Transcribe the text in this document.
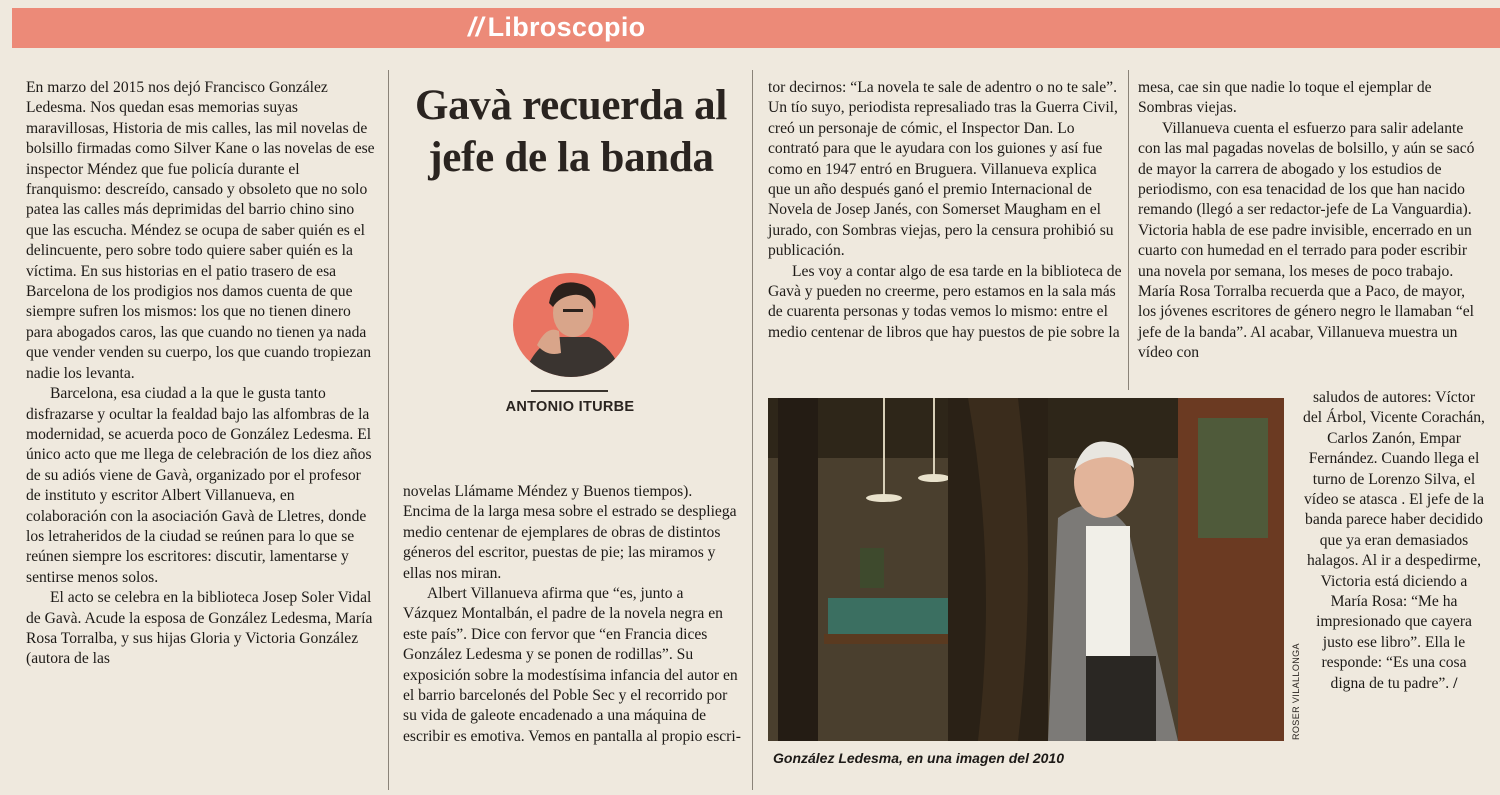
// Libroscopio

En marzo del 2015 nos dejó Francisco González Ledesma. Nos quedan esas memorias suyas maravillosas, Historia de mis calles, las mil novelas de bolsillo firmadas como Silver Kane o las novelas de ese inspector Méndez que fue policía durante el franquismo: descreído, cansado y obsoleto que no solo patea las calles más deprimidas del barrio chino sino que las escucha. Méndez se ocupa de saber quién es el delincuente, pero sobre todo quiere saber quién es la víctima. En sus historias en el patio trasero de esa Barcelona de los prodigios nos damos cuenta de que siempre sufren los mismos: los que no tienen dinero para abogados caros, las que cuando no tienen ya nada que vender venden su cuerpo, los que cuando tropiezan nadie los levanta.

Barcelona, esa ciudad a la que le gusta tanto disfrazarse y ocultar la fealdad bajo las alfombras de la modernidad, se acuerda poco de González Ledesma. El único acto que me llega de celebración de los diez años de su adiós viene de Gavà, organizado por el profesor de instituto y escritor Albert Villanueva, en colaboración con la asociación Gavà de Lletres, donde los letraheridos de la ciudad se reúnen para lo que se reúnen siempre los escritores: discutir, lamentarse y sentirse menos solos.

El acto se celebra en la biblioteca Josep Soler Vidal de Gavà. Acude la esposa de González Ledesma, María Rosa Torralba, y sus hijas Gloria y Victoria González (autora de las

Gavà recuerda al jefe de la banda
ANTONIO ITURBE

novelas Llámame Méndez y Buenos tiempos). Encima de la larga mesa sobre el estrado se despliega medio centenar de ejemplares de obras de distintos géneros del escritor, puestas de pie; las miramos y ellas nos miran.

Albert Villanueva afirma que “es, junto a Vázquez Montalbán, el padre de la novela negra en este país”. Dice con fervor que “en Francia dices González Ledesma y se ponen de rodillas”. Su exposición sobre la modestísima infancia del autor en el barrio barcelonés del Poble Sec y el recorrido por su vida de galeote encadenado a una máquina de escribir es emotiva. Vemos en pantalla al propio escri-

tor decirnos: “La novela te sale de adentro o no te sale”. Un tío suyo, periodista represaliado tras la Guerra Civil, creó un personaje de cómic, el Inspector Dan. Lo contrató para que le ayudara con los guiones y así fue como en 1947 entró en Bruguera. Villanueva explica que un año después ganó el premio Internacional de Novela de Josep Janés, con Somerset Maugham en el jurado, con Sombras viejas, pero la censura prohibió su publicación.

Les voy a contar algo de esa tarde en la biblioteca de Gavà y pueden no creerme, pero estamos en la sala más de cuarenta personas y todas vemos lo mismo: entre el medio centenar de libros que hay puestos de pie sobre la

mesa, cae sin que nadie lo toque el ejemplar de Sombras viejas.

Villanueva cuenta el esfuerzo para salir adelante con las mal pagadas novelas de bolsillo, y aún se sacó de mayor la carrera de abogado y los estudios de periodismo, con esa tenacidad de los que han nacido remando (llegó a ser redactor-jefe de La Vanguardia). Victoria habla de ese padre invisible, encerrado en un cuarto con humedad en el terrado para poder escribir una novela por semana, los meses de poco trabajo. María Rosa Torralba recuerda que a Paco, de mayor, los jóvenes escritores de género negro le llamaban “el jefe de la banda”. Al acabar, Villanueva muestra un vídeo con

ROSER VILALLONGA
González Ledesma, en una imagen del 2010

saludos de autores: Víctor del Árbol, Vicente Corachán, Carlos Zanón, Empar Fernández. Cuando llega el turno de Lorenzo Silva, el vídeo se atasca . El jefe de la banda parece haber decidido que ya eran demasiados halagos. Al ir a despedirme, Victoria está diciendo a María Rosa: “Me ha impresionado que cayera justo ese libro”. Ella le responde: “Es una cosa digna de tu padre”. /
